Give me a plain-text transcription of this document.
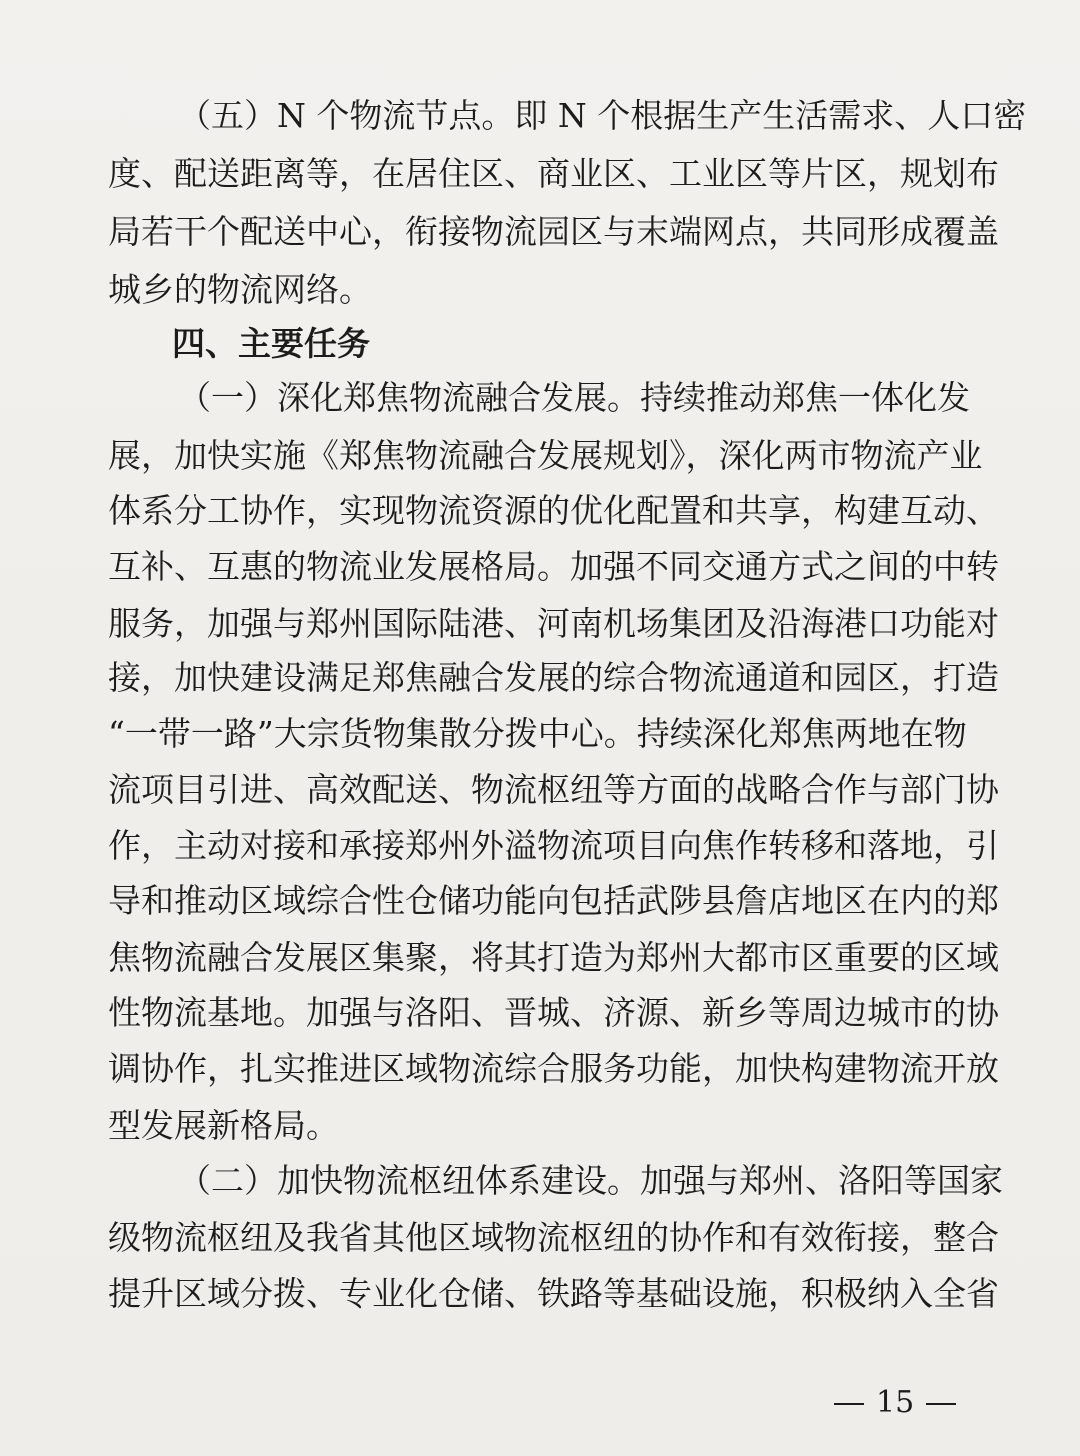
（五）N 个物流节点。即 N 个根据生产生活需求、人口密
度、配送距离等，在居住区、商业区、工业区等片区，规划布
局若干个配送中心，衔接物流园区与末端网点，共同形成覆盖
城乡的物流网络。
四、主要任务
（一）深化郑焦物流融合发展。持续推动郑焦一体化发
展，加快实施《郑焦物流融合发展规划》，深化两市物流产业
体系分工协作，实现物流资源的优化配置和共享，构建互动、
互补、互惠的物流业发展格局。加强不同交通方式之间的中转
服务，加强与郑州国际陆港、河南机场集团及沿海港口功能对
接，加快建设满足郑焦融合发展的综合物流通道和园区，打造
“一带一路”大宗货物集散分拨中心。持续深化郑焦两地在物
流项目引进、高效配送、物流枢纽等方面的战略合作与部门协
作，主动对接和承接郑州外溢物流项目向焦作转移和落地，引
导和推动区域综合性仓储功能向包括武陟县詹店地区在内的郑
焦物流融合发展区集聚，将其打造为郑州大都市区重要的区域
性物流基地。加强与洛阳、晋城、济源、新乡等周边城市的协
调协作，扎实推进区域物流综合服务功能，加快构建物流开放
型发展新格局。
（二）加快物流枢纽体系建设。加强与郑州、洛阳等国家
级物流枢纽及我省其他区域物流枢纽的协作和有效衔接，整合
提升区域分拨、专业化仓储、铁路等基础设施，积极纳入全省
15
